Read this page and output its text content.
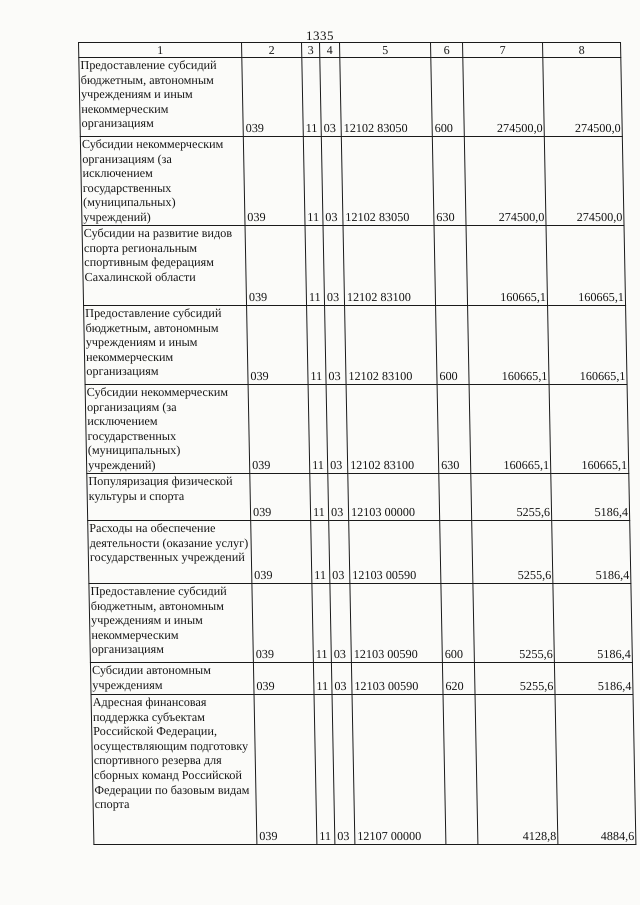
1335
1	2	3	4	5	6	7	8
Предоставление субсидий бюджетным, автономным учреждениям и иным некоммерческим организациям	039	11	03	12102 83050	600	274500,0	274500,0
Субсидии некоммерческим организациям (за исключением государственных (муниципальных) учреждений)	039	11	03	12102 83050	630	274500,0	274500,0
Субсидии на развитие видов спорта региональным спортивным федерациям Сахалинской области	039	11	03	12102 83100		160665,1	160665,1
Предоставление субсидий бюджетным, автономным учреждениям и иным некоммерческим организациям	039	11	03	12102 83100	600	160665,1	160665,1
Субсидии некоммерческим организациям (за исключением государственных (муниципальных) учреждений)	039	11	03	12102 83100	630	160665,1	160665,1
Популяризация физической культуры и спорта	039	11	03	12103 00000		5255,6	5186,4
Расходы на обеспечение деятельности (оказание услуг) государственных учреждений	039	11	03	12103 00590		5255,6	5186,4
Предоставление субсидий бюджетным, автономным учреждениям и иным некоммерческим организациям	039	11	03	12103 00590	600	5255,6	5186,4
Субсидии автономным учреждениям	039	11	03	12103 00590	620	5255,6	5186,4
Адресная финансовая поддержка субъектам Российской Федерации, осуществляющим подготовку спортивного резерва для сборных команд Российской Федерации по базовым видам спорта	039	11	03	12107 00000		4128,8	4884,6
